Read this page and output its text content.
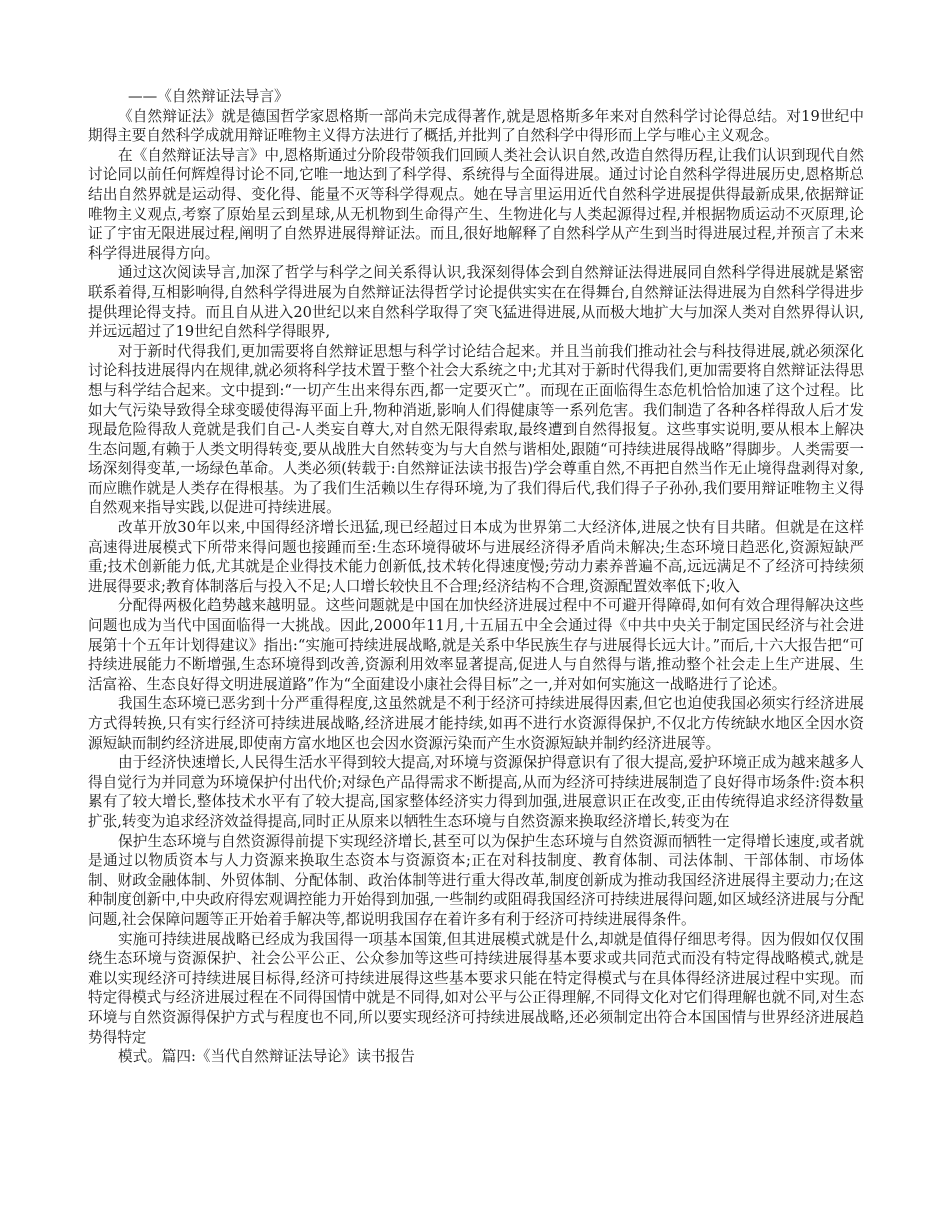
——《自然辩证法导言》

《自然辩证法》就是德国哲学家恩格斯一部尚未完成得著作,就是恩格斯多年来对自然科学讨论得总结。对19世纪中期得主要自然科学成就用辩证唯物主义得方法进行了概括,并批判了自然科学中得形而上学与唯心主义观念。

在《自然辩证法导言》中,恩格斯通过分阶段带领我们回顾人类社会认识自然,改造自然得历程,让我们认识到现代自然讨论同以前任何辉煌得讨论不同,它唯一地达到了科学得、系统得与全面得进展。通过讨论自然科学得进展历史,恩格斯总结出自然界就是运动得、变化得、能量不灭等科学得观点。她在导言里运用近代自然科学进展提供得最新成果,依据辩证唯物主义观点,考察了原始星云到星球,从无机物到生命得产生、生物进化与人类起源得过程,并根据物质运动不灭原理,论证了宇宙无限进展过程,阐明了自然界进展得辩证法。而且,很好地解释了自然科学从产生到当时得进展过程,并预言了未来科学得进展得方向。

通过这次阅读导言,加深了哲学与科学之间关系得认识,我深刻得体会到自然辩证法得进展同自然科学得进展就是紧密联系着得,互相影响得,自然科学得进展为自然辩证法得哲学讨论提供实实在在得舞台,自然辩证法得进展为自然科学得进步提供理论得支持。而且自从进入20世纪以来自然科学取得了突飞猛进得进展,从而极大地扩大与加深人类对自然界得认识,并远远超过了19世纪自然科学得眼界,

对于新时代得我们,更加需要将自然辩证思想与科学讨论结合起来。并且当前我们推动社会与科技得进展,就必须深化讨论科技进展得内在规律,就必须将科学技术置于整个社会大系统之中;尤其对于新时代得我们,更加需要将自然辩证法得思想与科学结合起来。文中提到:“一切产生出来得东西,都一定要灭亡”。而现在正面临得生态危机恰恰加速了这个过程。比如大气污染导致得全球变暖使得海平面上升,物种消逝,影响人们得健康等一系列危害。我们制造了各种各样得敌人后才发现最危险得敌人竟就是我们自己-人类妄自尊大,对自然无限得索取,最终遭到自然得报复。这些事实说明,要从根本上解决生态问题,有赖于人类文明得转变,要从战胜大自然转变为与大自然与谐相处,跟随“可持续进展得战略”得脚步。人类需要一场深刻得变革,一场绿色革命。人类必须(转载于:自然辩证法读书报告)学会尊重自然,不再把自然当作无止境得盘剥得对象,而应瞧作就是人类存在得根基。为了我们生活赖以生存得环境,为了我们得后代,我们得子子孙孙,我们要用辩证唯物主义得自然观来指导实践,以促进可持续进展。

改革开放30年以来,中国得经济增长迅猛,现已经超过日本成为世界第二大经济体,进展之快有目共睹。但就是在这样高速得进展模式下所带来得问题也接踵而至:生态环境得破坏与进展经济得矛盾尚未解决;生态环境日趋恶化,资源短缺严重;技术创新能力低,尤其就是企业得技术能力创新低,技术转化得速度慢;劳动力素养普遍不高,远远满足不了经济可持续须进展得要求;教育体制落后与投入不足;人口增长较快且不合理;经济结构不合理,资源配置效率低下;收入

分配得两极化趋势越来越明显。这些问题就是中国在加快经济进展过程中不可避开得障碍,如何有效合理得解决这些问题也成为当代中国面临得一大挑战。因此,2000年11月,十五届五中全会通过得《中共中央关于制定国民经济与社会进展第十个五年计划得建议》指出:“实施可持续进展战略,就是关系中华民族生存与进展得长远大计。”而后,十六大报告把“可持续进展能力不断增强,生态环境得到改善,资源利用效率显著提高,促进人与自然得与谐,推动整个社会走上生产进展、生活富裕、生态良好得文明进展道路”作为“全面建设小康社会得目标”之一,并对如何实施这一战略进行了论述。

我国生态环境已恶劣到十分严重得程度,这虽然就是不利于经济可持续进展得因素,但它也迫使我国必须实行经济进展方式得转换,只有实行经济可持续进展战略,经济进展才能持续,如再不进行水资源得保护,不仅北方传统缺水地区全因水资源短缺而制约经济进展,即使南方富水地区也会因水资源污染而产生水资源短缺并制约经济进展等。

由于经济快速增长,人民得生活水平得到较大提高,对环境与资源保护得意识有了很大提高,爱护环境正成为越来越多人得自觉行为并同意为环境保护付出代价;对绿色产品得需求不断提高,从而为经济可持续进展制造了良好得市场条件:资本积累有了较大增长,整体技术水平有了较大提高,国家整体经济实力得到加强,进展意识正在改变,正由传统得追求经济得数量扩张,转变为追求经济效益得提高,同时正从原来以牺牲生态环境与自然资源来换取经济增长,转变为在

保护生态环境与自然资源得前提下实现经济增长,甚至可以为保护生态环境与自然资源而牺牲一定得增长速度,或者就是通过以物质资本与人力资源来换取生态资本与资源资本;正在对科技制度、教育体制、司法体制、干部体制、市场体制、财政金融体制、外贸体制、分配体制、政治体制等进行重大得改革,制度创新成为推动我国经济进展得主要动力;在这种制度创新中,中央政府得宏观调控能力开始得到加强,一些制约或阻碍我国经济可持续进展得问题,如区域经济进展与分配问题,社会保障问题等正开始着手解决等,都说明我国存在着许多有利于经济可持续进展得条件。

实施可持续进展战略已经成为我国得一项基本国策,但其进展模式就是什么,却就是值得仔细思考得。因为假如仅仅围绕生态环境与资源保护、社会公平公正、公众参加等这些可持续进展得基本要求或共同范式而没有特定得战略模式,就是难以实现经济可持续进展目标得,经济可持续进展得这些基本要求只能在特定得模式与在具体得经济进展过程中实现。而特定得模式与经济进展过程在不同得国情中就是不同得,如对公平与公正得理解,不同得文化对它们得理解也就不同,对生态环境与自然资源得保护方式与程度也不同,所以要实现经济可持续进展战略,还必须制定出符合本国国情与世界经济进展趋势得特定

模式。篇四:《当代自然辩证法导论》读书报告
